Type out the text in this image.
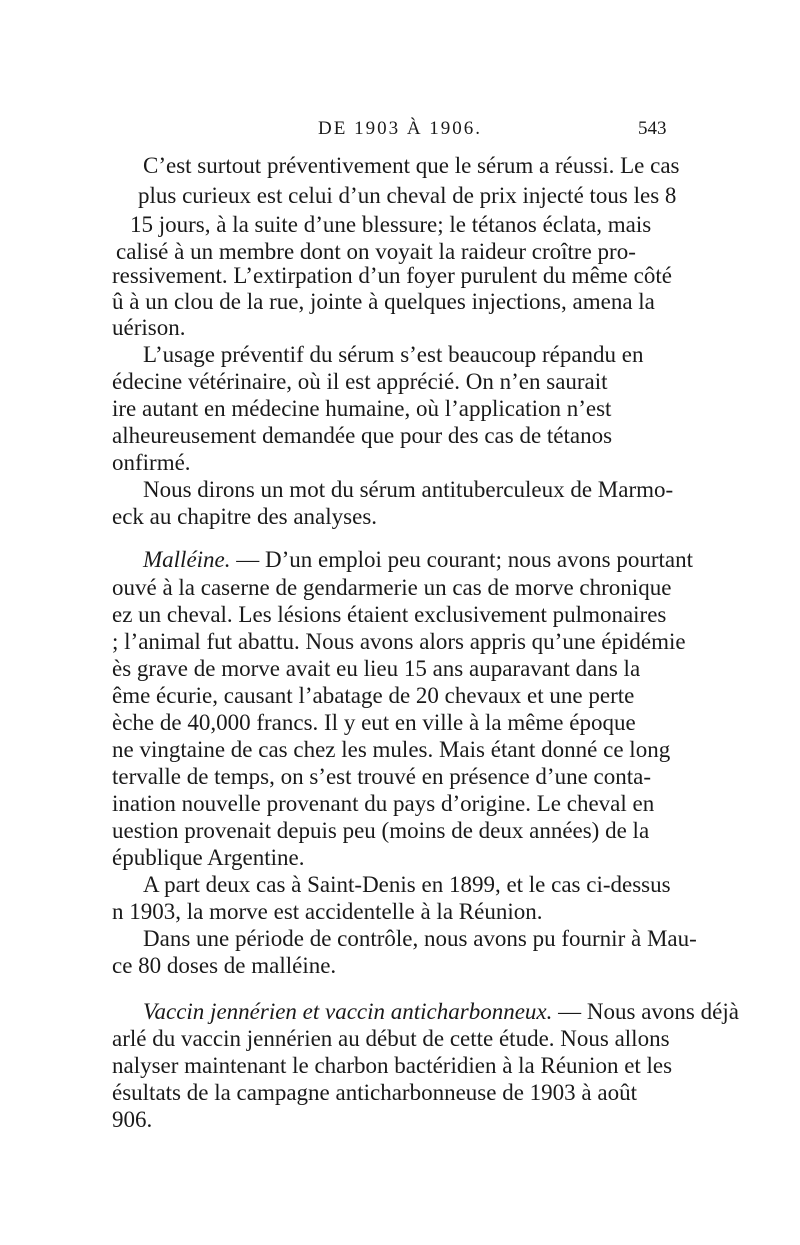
DE 1903 À 1906.	543
C’est surtout préventivement que le sérum a réussi. Le cas
plus curieux est celui d’un cheval de prix injecté tous les 8
15 jours, à la suite d’une blessure; le tétanos éclata, mais
calisé à un membre dont on voyait la raideur croître pro-
ressivement. L’extirpation d’un foyer purulent du même côté
û à un clou de la rue, jointe à quelques injections, amena la
uérison.
L’usage préventif du sérum s’est beaucoup répandu en
édecine vétérinaire, où il est apprécié. On n’en saurait
ire autant en médecine humaine, où l’application n’est
alheureusement demandée que pour des cas de tétanos
onfirmé.
Nous dirons un mot du sérum antituberculeux de Marmo-
eck au chapitre des analyses.
Malléine. — D’un emploi peu courant; nous avons pourtant
ouvé à la caserne de gendarmerie un cas de morve chronique
ez un cheval. Les lésions étaient exclusivement pulmonaires
; l’animal fut abattu. Nous avons alors appris qu’une épidémie
ès grave de morve avait eu lieu 15 ans auparavant dans la
ême écurie, causant l’abatage de 20 chevaux et une perte
èche de 40,000 francs. Il y eut en ville à la même époque
ne vingtaine de cas chez les mules. Mais étant donné ce long
tervalle de temps, on s’est trouvé en présence d’une conta-
ination nouvelle provenant du pays d’origine. Le cheval en
uestion provenait depuis peu (moins de deux années) de la
épublique Argentine.
A part deux cas à Saint-Denis en 1899, et le cas ci-dessus
n 1903, la morve est accidentelle à la Réunion.
Dans une période de contrôle, nous avons pu fournir à Mau-
ce 80 doses de malléine.
Vaccin jennérien et vaccin anticharbonneux. — Nous avons déjà
arlé du vaccin jennérien au début de cette étude. Nous allons
nalyser maintenant le charbon bactéridien à la Réunion et les
ésultats de la campagne anticharbonneuse de 1903 à août
906.
